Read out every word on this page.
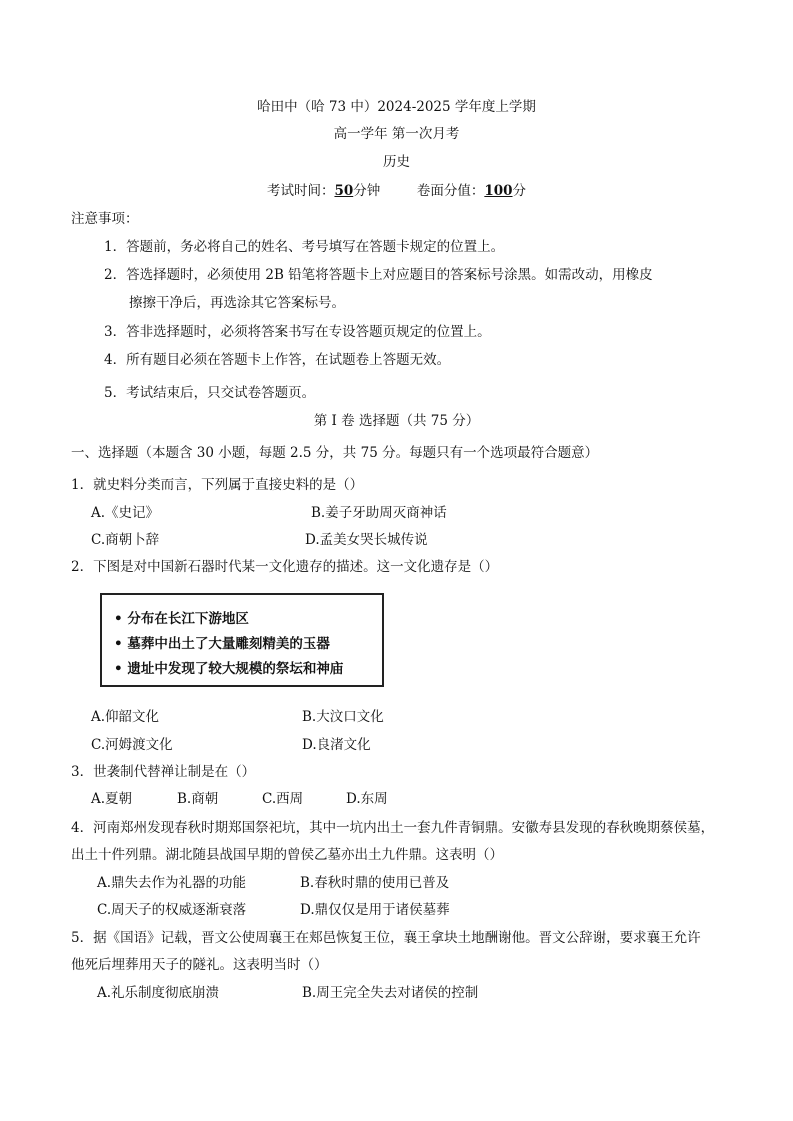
哈田中（哈 73 中）2024-2025 学年度上学期
高一学年 第一次月考
历史
考试时间：50分钟	卷面分值：100分
注意事项：
1．答题前，务必将自己的姓名、考号填写在答题卡规定的位置上。
2．答选择题时，必须使用 2B 铅笔将答题卡上对应题目的答案标号涂黑。如需改动，用橡皮
擦擦干净后，再选涂其它答案标号。
3．答非选择题时，必须将答案书写在专设答题页规定的位置上。
4．所有题目必须在答题卡上作答，在试题卷上答题无效。
5．考试结束后，只交试卷答题页。
第 I 卷 选择题（共 75 分）
一、选择题（本题含 30 小题，每题 2.5 分，共 75 分。每题只有一个选项最符合题意）
1．就史料分类而言，下列属于直接史料的是（）
A.《史记》	B.姜子牙助周灭商神话
C.商朝卜辞	D.孟美女哭长城传说
2．下图是对中国新石器时代某一文化遗存的描述。这一文化遗存是（）
• 分布在长江下游地区
• 墓葬中出土了大量雕刻精美的玉器
• 遗址中发现了较大规模的祭坛和神庙
A.仰韶文化	B.大汶口文化
C.河姆渡文化	D.良渚文化
3．世袭制代替禅让制是在（）
A.夏朝	B.商朝	C.西周	D.东周
4．河南郑州发现春秋时期郑国祭祀坑，其中一坑内出土一套九件青铜鼎。安徽寿县发现的春秋晚期蔡侯墓，
出土十件列鼎。湖北随县战国早期的曾侯乙墓亦出土九件鼎。这表明（）
A.鼎失去作为礼器的功能	B.春秋时鼎的使用已普及
C.周天子的权威逐渐衰落	D.鼎仅仅是用于诸侯墓葬
5．据《国语》记载，晋文公使周襄王在郏邑恢复王位，襄王拿块土地酬谢他。晋文公辞谢，要求襄王允许
他死后埋葬用天子的隧礼。这表明当时（）
A.礼乐制度彻底崩溃	B.周王完全失去对诸侯的控制
